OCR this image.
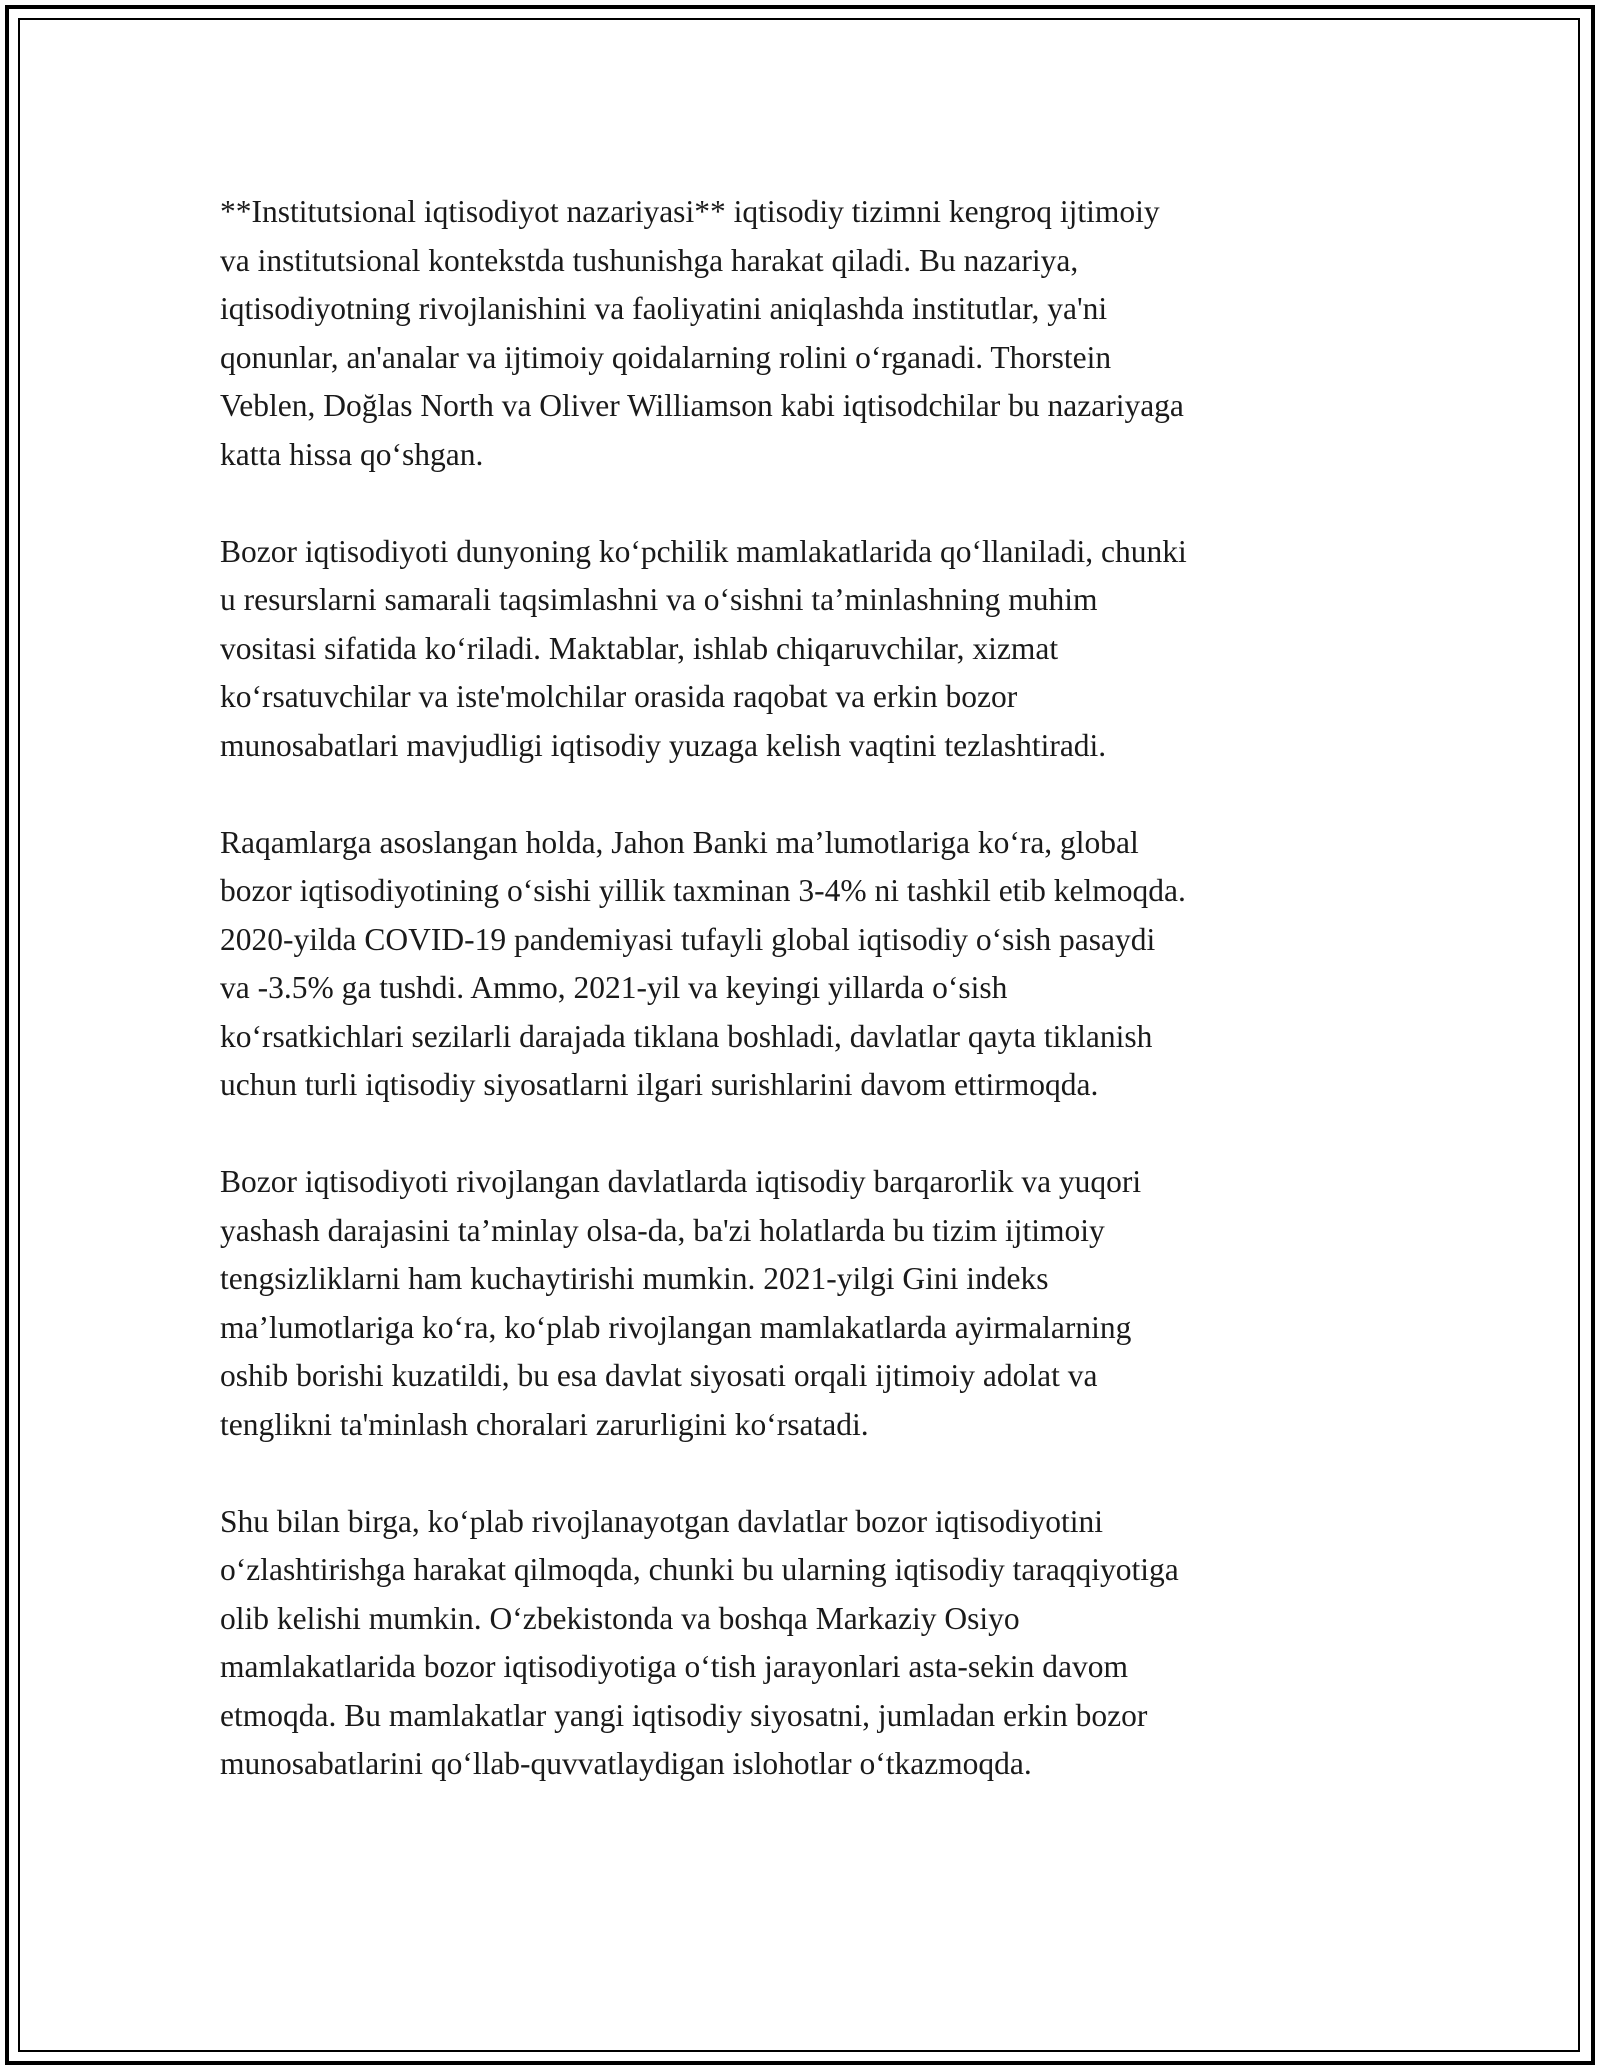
**Institutsional iqtisodiyot nazariyasi** iqtisodiy tizimni kengroq ijtimoiy
va institutsional kontekstda tushunishga harakat qiladi. Bu nazariya,
iqtisodiyotning rivojlanishini va faoliyatini aniqlashda institutlar, ya'ni
qonunlar, an'analar va ijtimoiy qoidalarning rolini o‘rganadi. Thorstein
Veblen, Doğlas North va Oliver Williamson kabi iqtisodchilar bu nazariyaga
katta hissa qo‘shgan.

Bozor iqtisodiyoti dunyoning ko‘pchilik mamlakatlarida qo‘llaniladi, chunki
u resurslarni samarali taqsimlashni va o‘sishni ta’minlashning muhim
vositasi sifatida ko‘riladi. Maktablar, ishlab chiqaruvchilar, xizmat
ko‘rsatuvchilar va iste'molchilar orasida raqobat va erkin bozor
munosabatlari mavjudligi iqtisodiy yuzaga kelish vaqtini tezlashtiradi.

Raqamlarga asoslangan holda, Jahon Banki ma’lumotlariga ko‘ra, global
bozor iqtisodiyotining o‘sishi yillik taxminan 3-4% ni tashkil etib kelmoqda.
2020-yilda COVID-19 pandemiyasi tufayli global iqtisodiy o‘sish pasaydi
va -3.5% ga tushdi. Ammo, 2021-yil va keyingi yillarda o‘sish
ko‘rsatkichlari sezilarli darajada tiklana boshladi, davlatlar qayta tiklanish
uchun turli iqtisodiy siyosatlarni ilgari surishlarini davom ettirmoqda.

Bozor iqtisodiyoti rivojlangan davlatlarda iqtisodiy barqarorlik va yuqori
yashash darajasini ta’minlay olsa-da, ba'zi holatlarda bu tizim ijtimoiy
tengsizliklarni ham kuchaytirishi mumkin. 2021-yilgi Gini indeks
ma’lumotlariga ko‘ra, ko‘plab rivojlangan mamlakatlarda ayirmalarning
oshib borishi kuzatildi, bu esa davlat siyosati orqali ijtimoiy adolat va
tenglikni ta'minlash choralari zarurligini ko‘rsatadi.

Shu bilan birga, ko‘plab rivojlanayotgan davlatlar bozor iqtisodiyotini
o‘zlashtirishga harakat qilmoqda, chunki bu ularning iqtisodiy taraqqiyotiga
olib kelishi mumkin. O‘zbekistonda va boshqa Markaziy Osiyo
mamlakatlarida bozor iqtisodiyotiga o‘tish jarayonlari asta-sekin davom
etmoqda. Bu mamlakatlar yangi iqtisodiy siyosatni, jumladan erkin bozor
munosabatlarini qo‘llab-quvvatlaydigan islohotlar o‘tkazmoqda.
